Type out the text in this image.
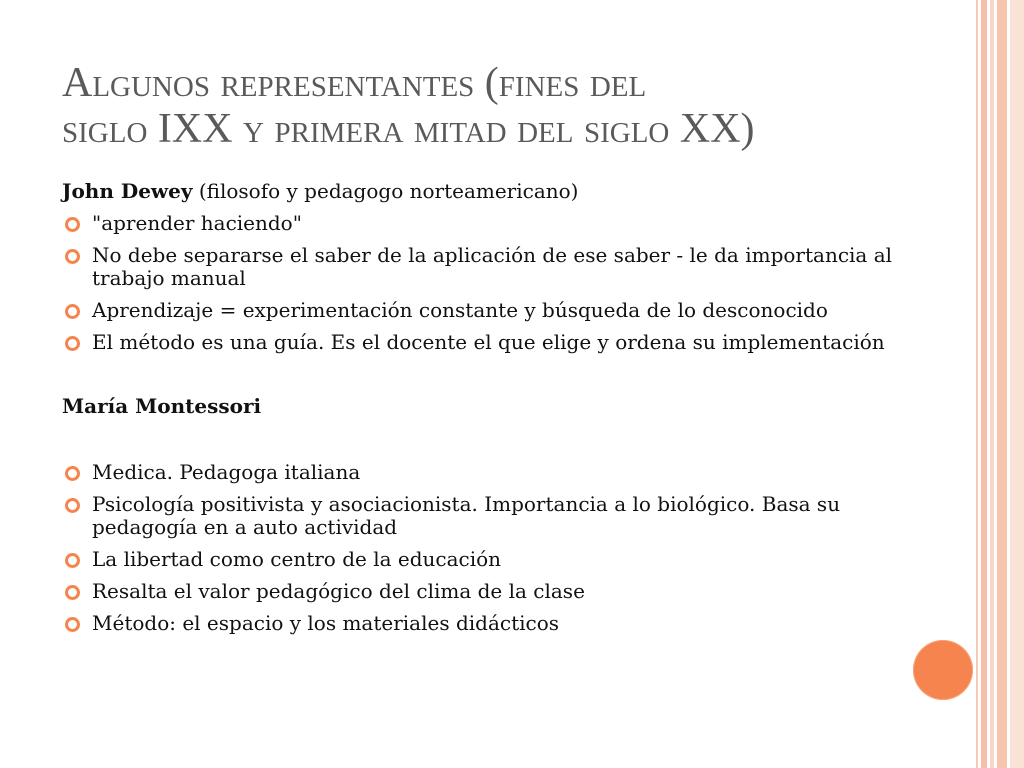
Algunos representantes (fines del
siglo IXX y primera mitad del siglo XX)

John Dewey (filosofo y pedagogo norteamericano)

"aprender haciendo"
No debe separarse el saber de la aplicación de ese saber - le da importancia al trabajo manual
Aprendizaje = experimentación constante y búsqueda de lo desconocido
El método es una guía. Es el docente el que elige y ordena su implementación

María Montessori

Medica. Pedagoga italiana
Psicología positivista y asociacionista. Importancia a lo biológico. Basa su pedagogía en a auto actividad
La libertad como centro de la educación
Resalta el valor pedagógico del clima de la clase
Método: el espacio y los materiales didácticos
